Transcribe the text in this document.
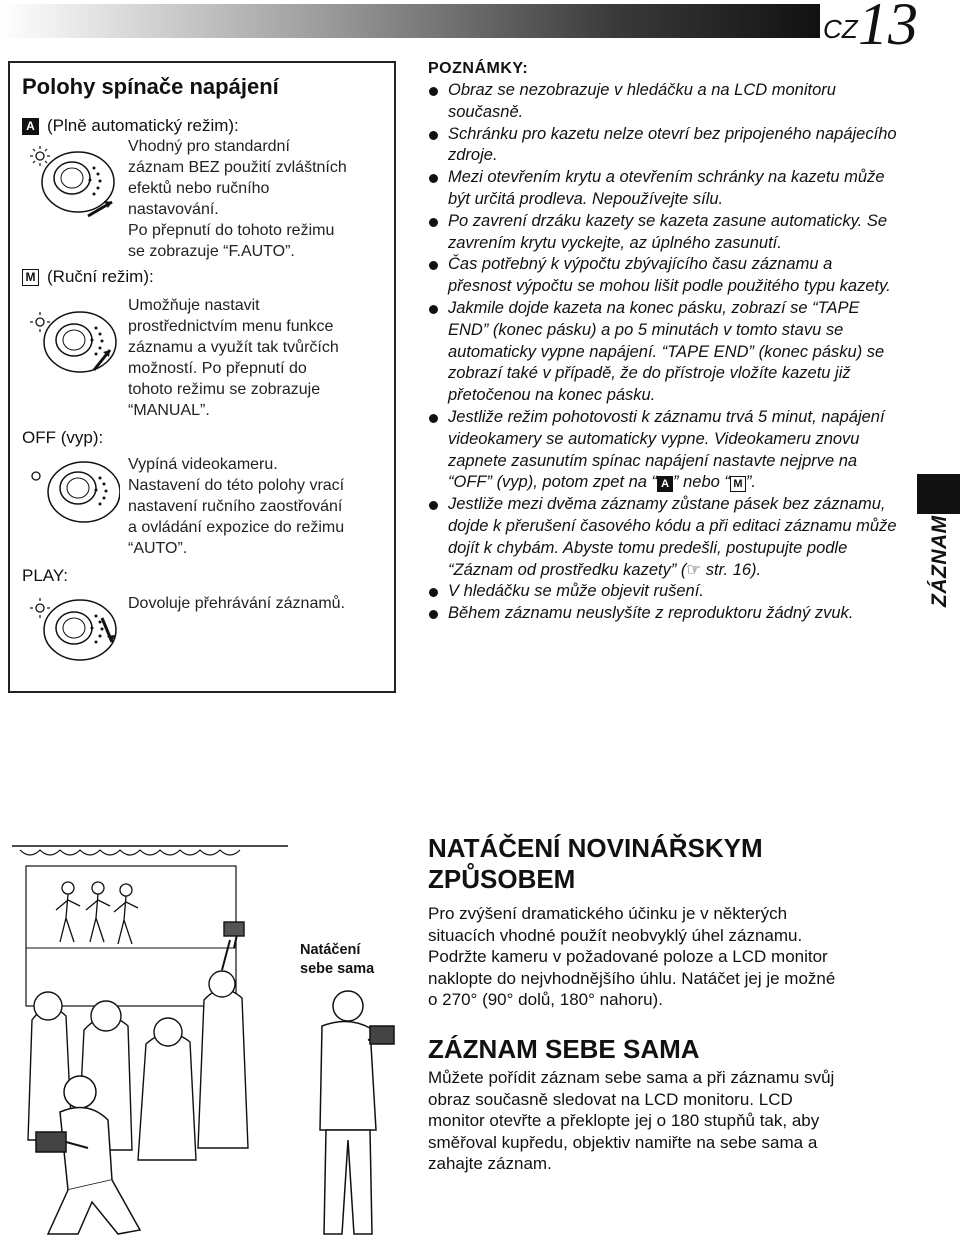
CZ 13
Polohy spínače napájení
A (Plně automatický režim):
Vhodný pro standardní
záznam BEZ použití zvláštních
efektů nebo ručního
nastavování.
Po přepnutí do tohoto režimu
se zobrazuje “F.AUTO”.
M (Ruční režim):
Umožňuje nastavit
prostřednictvím menu funkce
záznamu a využít tak tvůrčích
možností. Po přepnutí do
tohoto režimu se zobrazuje
“MANUAL”.
OFF (vyp):
Vypíná videokameru.
Nastavení do této polohy vrací
nastavení ručního zaostřování
a ovládání expozice do režimu
“AUTO”.
PLAY:
Dovoluje přehrávání záznamů.
POZNÁMKY:
Obraz se nezobrazuje v hledáčku a na LCD monitoru současně.
Schránku pro kazetu nelze otevrí bez pripojeného napájecího zdroje.
Mezi otevřením krytu a otevřením schránky na kazetu může být určitá prodleva. Nepoužívejte sílu.
Po zavrení drzáku kazety se kazeta zasune automaticky. Se zavrením krytu vyckejte, az úplného zasunutí.
Čas potřebný k výpočtu zbývajícího času záznamu a přesnost výpočtu se mohou lišit podle použitého typu kazety.
Jakmile dojde kazeta na konec pásku, zobrazí se “TAPE END” (konec pásku) a po 5 minutách v tomto stavu se automaticky vypne napájení. “TAPE END” (konec pásku) se zobrazí také v případě, že do přístroje vložíte kazetu již přetočenou na konec pásku.
Jestliže režim pohotovosti k záznamu trvá 5 minut, napájení videokamery se automaticky vypne. Videokameru znovu zapnete zasunutím spínac napájení nastavte nejprve na “OFF” (vyp), potom zpet na “ A ” nebo “ M ”.
Jestliže mezi dvěma záznamy zůstane pásek bez záznamu, dojde k přerušení časového kódu a při editaci záznamu může dojít k chybám. Abyste tomu predešli, postupujte podle “Záznam od prostředku kazety” (☞ str. 16).
V hledáčku se může objevit rušení.
Během záznamu neuslyšíte z reproduktoru žádný zvuk.
ZÁZNAM
Natáčení
sebe sama
NATÁČENÍ NOVINÁŘSKYM ZPŮSOBEM
Pro zvýšení dramatického účinku je v některých
situacích vhodné použít neobvyklý úhel záznamu.
Podržte kameru v požadované poloze a LCD monitor
naklopte do nejvhodnějšího úhlu. Natáčet jej je možné
o 270° (90° dolů, 180° nahoru).
ZÁZNAM SEBE SAMA
Můžete pořídit záznam sebe sama a při záznamu svůj
obraz současně sledovat na LCD monitoru. LCD
monitor otevřte a překlopte jej o 180 stupňů tak, aby
směřoval kupředu, objektiv namiřte na sebe sama a
zahajte záznam.
